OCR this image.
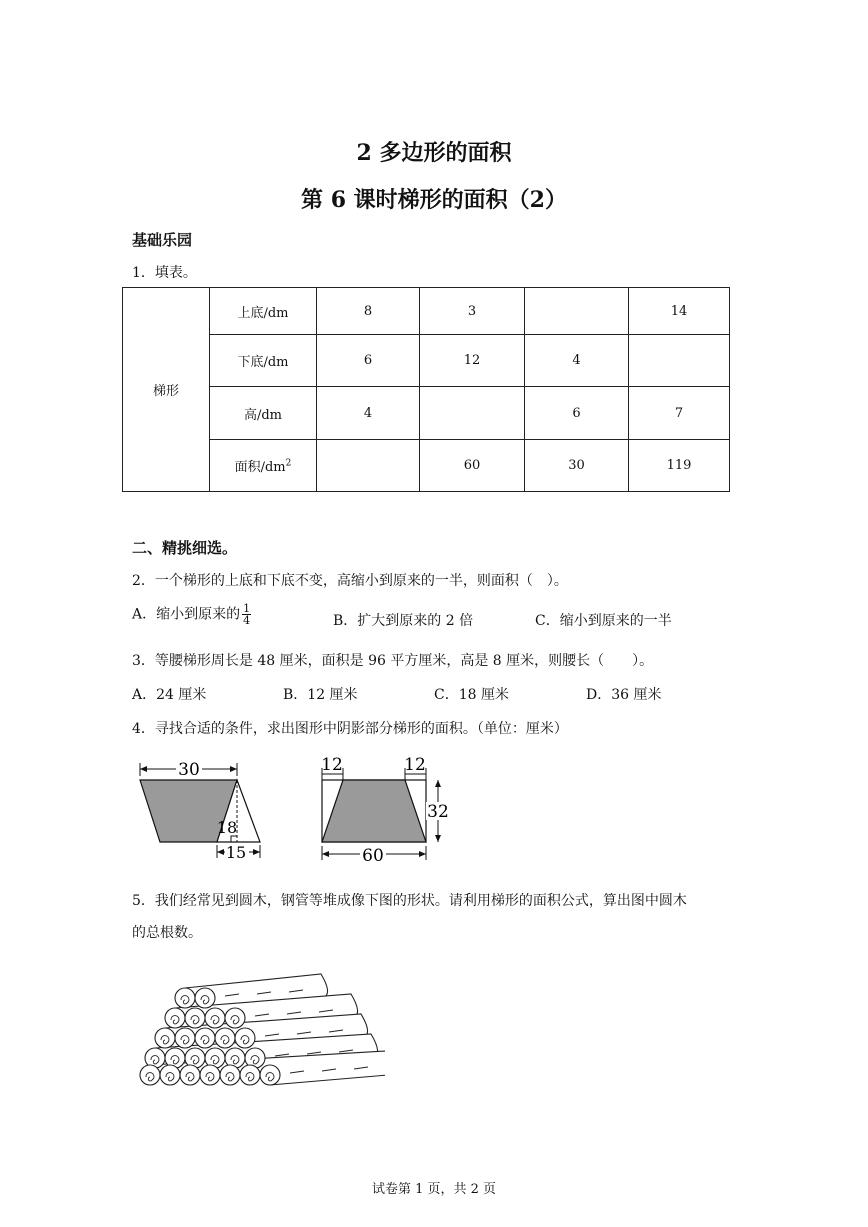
2 多边形的面积
第 6 课时梯形的面积（2）
基础乐园
1．填表。
梯形	上底/dm	8	3		14
	下底/dm	6	12	4	
	高/dm	4		6	7
	面积$/dm^2$		60	30	119
二、精挑细选。
2．一个梯形的上底和下底不变，高缩小到原来的一半，则面积（　）。
A．缩小到原来的 $\frac{1}{4}$	B．扩大到原来的 2 倍	C．缩小到原来的一半
3．等腰梯形周长是 48 厘米，面积是 96 平方厘米，高是 8 厘米，则腰长（　　）。
A．24 厘米	B．12 厘米	C．18 厘米	D．36 厘米
4．寻找合适的条件，求出图形中阴影部分梯形的面积。（单位：厘米）
30
18
15
12	12
32
60
5．我们经常见到圆木，钢管等堆成像下图的形状。请利用梯形的面积公式，算出图中圆木
的总根数。
试卷第 1 页，共 2 页
